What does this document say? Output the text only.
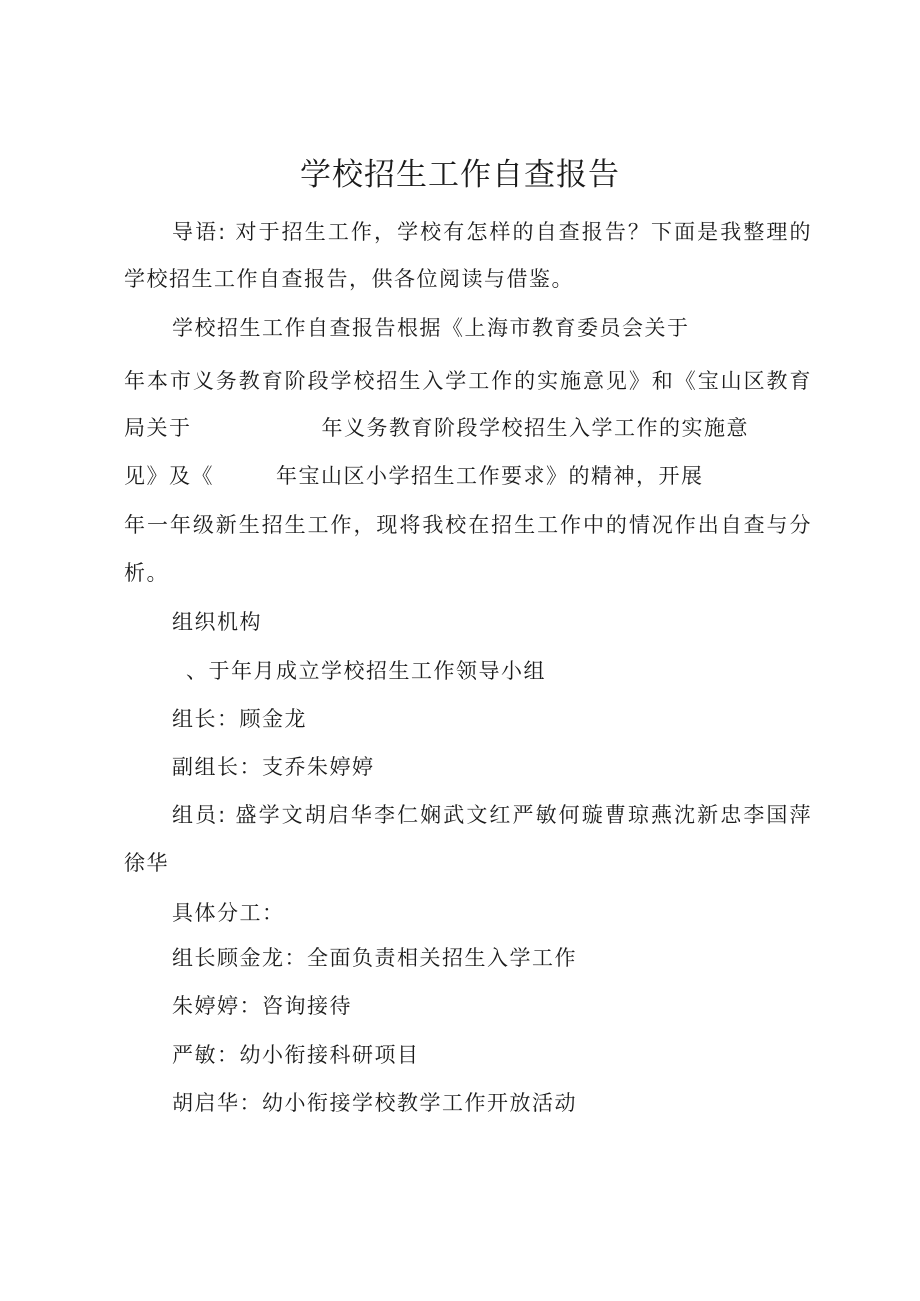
学校招生工作自查报告
导语: 对于招生工作，学校有怎样的自查报告？下面是我整理的
学校招生工作自查报告，供各位阅读与借鉴。
学校招生工作自查报告根据《上海市教育委员会关于
年本市义务教育阶段学校招生入学工作的实施意见》和《宝山区教育
局关于	年义务教育阶段学校招生入学工作的实施意
见》及《	年宝山区小学招生工作要求》的精神，开展
年一年级新生招生工作，现将我校在招生工作中的情况作出自查与分
析。
组织机构
、于年月成立学校招生工作领导小组
组长：顾金龙
副组长：支乔朱婷婷
组员: 盛学文胡启华李仁娴武文红严敏何璇曹琼燕沈新忠李国萍
徐华
具体分工：
组长顾金龙：全面负责相关招生入学工作
朱婷婷：咨询接待
严敏：幼小衔接科研项目
胡启华：幼小衔接学校教学工作开放活动
